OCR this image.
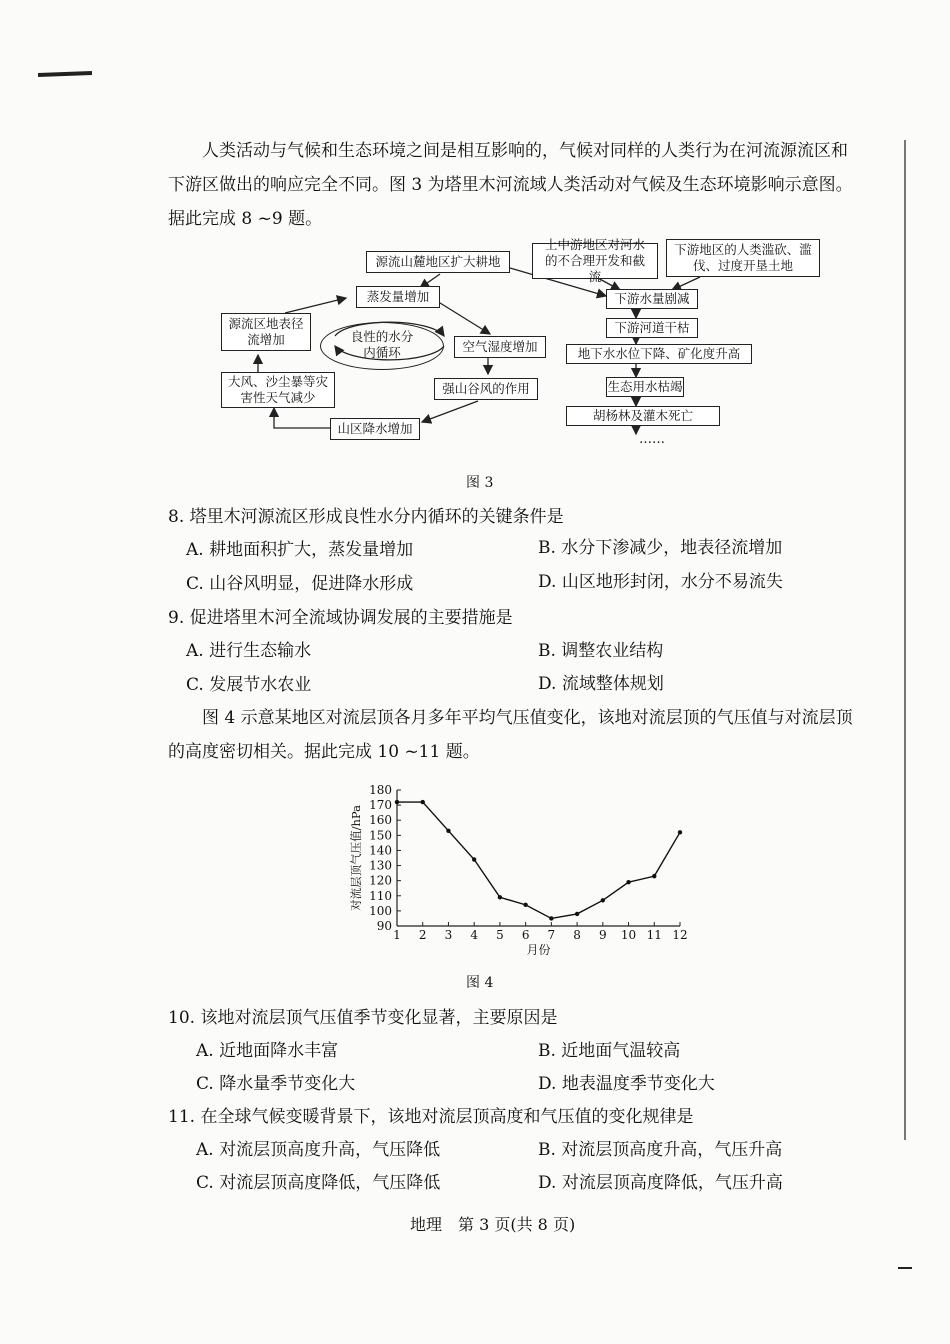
人类活动与气候和生态环境之间是相互影响的，气候对同样的人类行为在河流源流区和
下游区做出的响应完全不同。图 3 为塔里木河流域人类活动对气候及生态环境影响示意图。
据此完成 8 ~9 题。
源流山麓地区扩大耕地
上中游地区对河水的不合理开发和截流
下游地区的人类滥砍、滥伐、过度开垦土地
蒸发量增加
源流区地表径流增加	良性的水分内循环	空气湿度增加
大风、沙尘暴等灾害性天气减少
强山谷风的作用
山区降水增加
下游水量剧减
下游河道干枯
地下水水位下降、矿化度升高
生态用水枯竭
胡杨林及灌木死亡
……
图 3
8. 塔里木河源流区形成良性水分内循环的关键条件是
A. 耕地面积扩大，蒸发量增加	B. 水分下渗减少，地表径流增加
C. 山谷风明显，促进降水形成	D. 山区地形封闭，水分不易流失
9. 促进塔里木河全流域协调发展的主要措施是
A. 进行生态输水	B. 调整农业结构
C. 发展节水农业	D. 流域整体规划
图 4 示意某地区对流层顶各月多年平均气压值变化，该地对流层顶的气压值与对流层顶
的高度密切相关。据此完成 10 ~11 题。
90
100
110
120
130
140
150
160
170
180
1 2 3 4 5 6 7 8 9 10 11 12
月份
对流层顶气压值/hPa
图 4
10. 该地对流层顶气压值季节变化显著，主要原因是
A. 近地面降水丰富	B. 近地面气温较高
C. 降水量季节变化大	D. 地表温度季节变化大
11. 在全球气候变暖背景下，该地对流层顶高度和气压值的变化规律是
A. 对流层顶高度升高，气压降低	B. 对流层顶高度升高，气压升高
C. 对流层顶高度降低，气压降低	D. 对流层顶高度降低，气压升高
地理　第 3 页(共 8 页)
